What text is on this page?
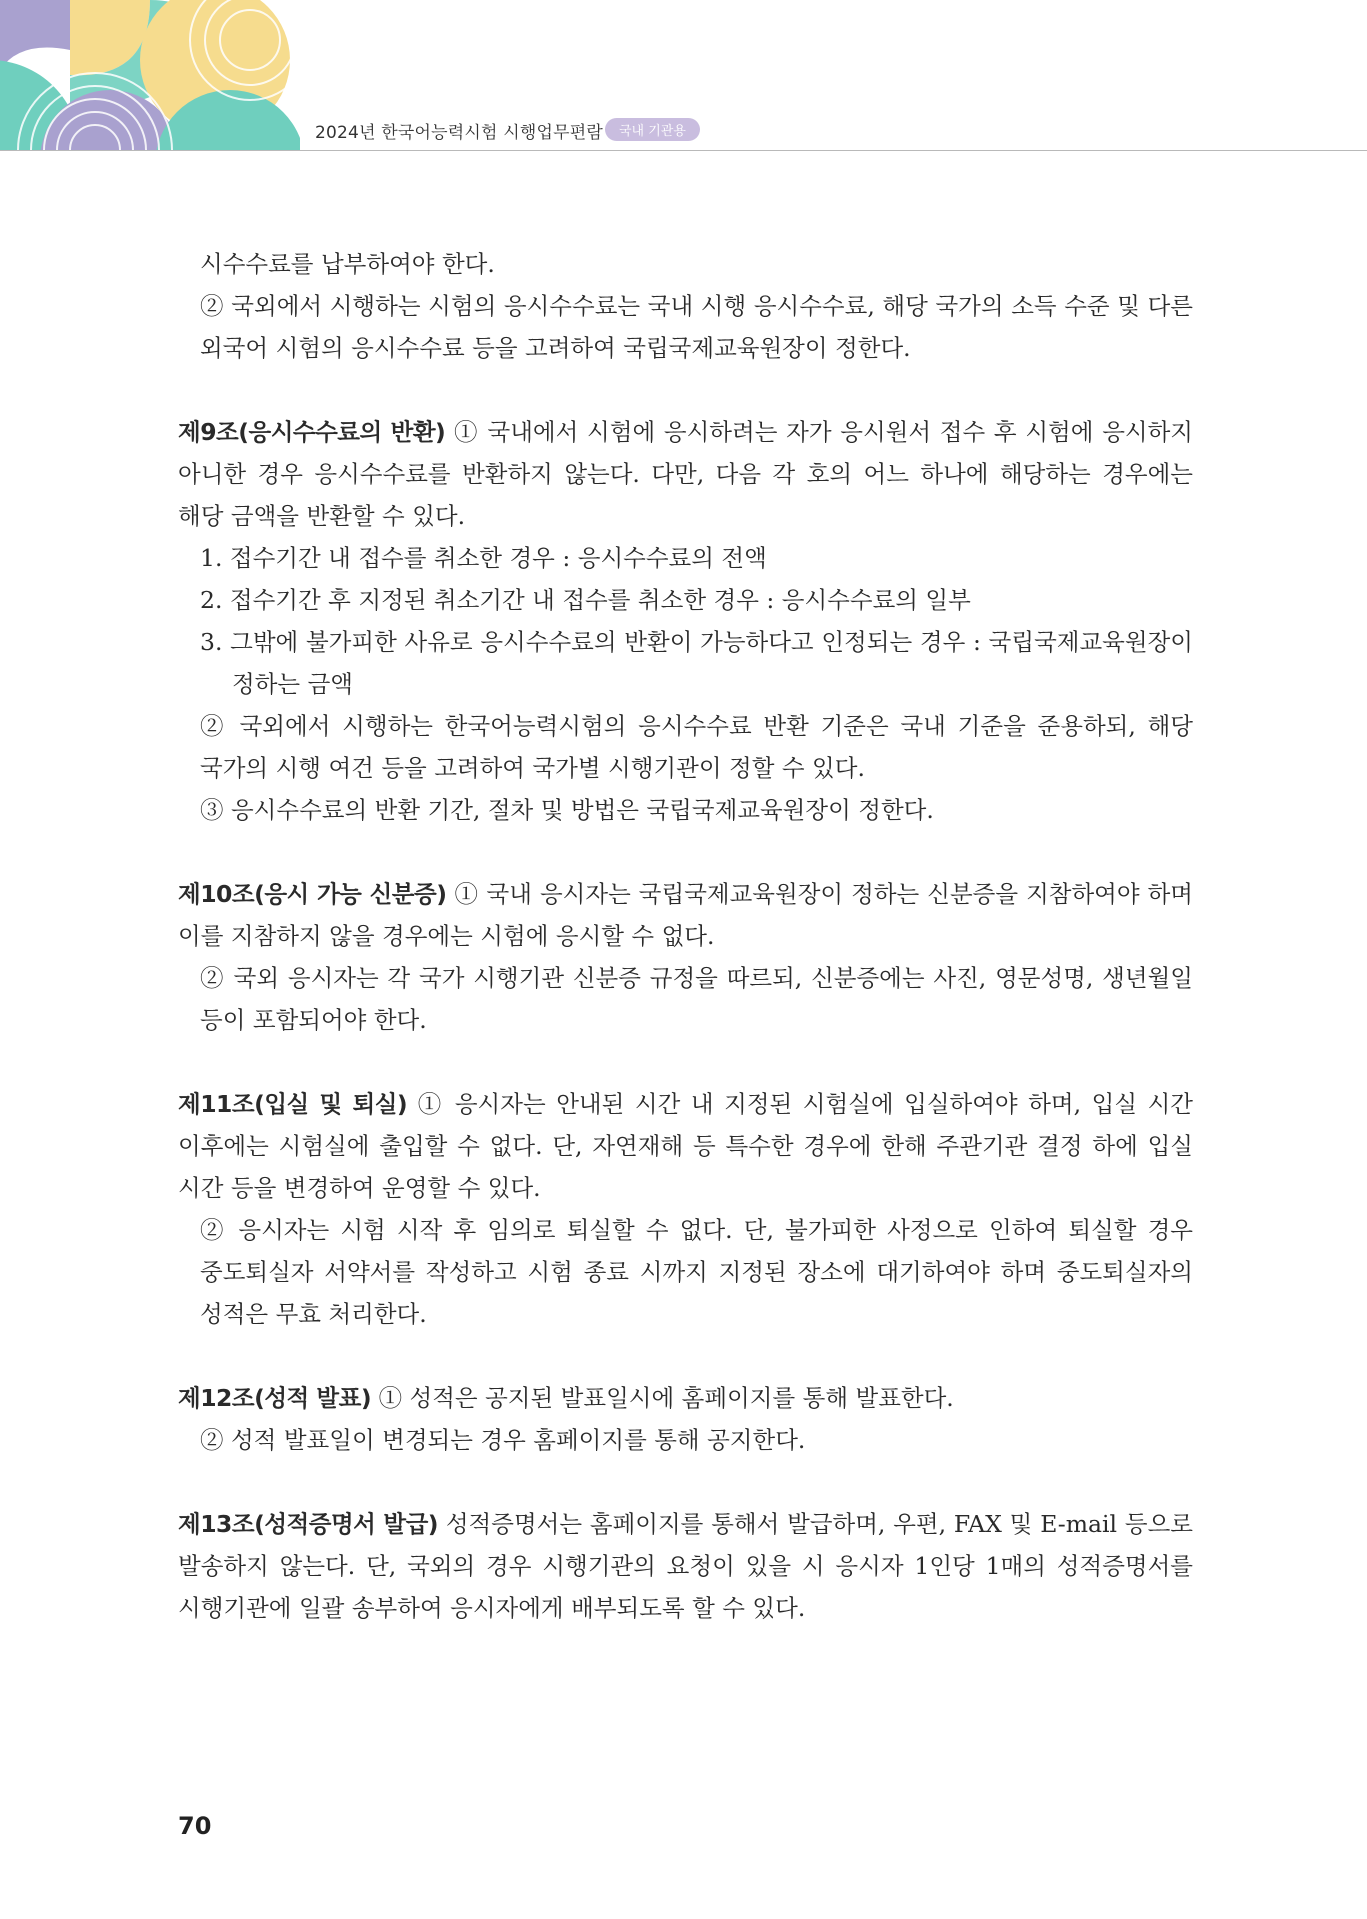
2024년 한국어능력시험 시행업무편람	국내 기관용

시수수료를 납부하여야 한다.

② 국외에서 시행하는 시험의 응시수수료는 국내 시행 응시수수료, 해당 국가의 소득 수준 및 다른 외국어 시험의 응시수수료 등을 고려하여 국립국제교육원장이 정한다.

제9조(응시수수료의 반환) ① 국내에서 시험에 응시하려는 자가 응시원서 접수 후 시험에 응시하지 아니한 경우 응시수수료를 반환하지 않는다. 다만, 다음 각 호의 어느 하나에 해당하는 경우에는 해당 금액을 반환할 수 있다.

1. 접수기간 내 접수를 취소한 경우 : 응시수수료의 전액

2. 접수기간 후 지정된 취소기간 내 접수를 취소한 경우 : 응시수수료의 일부

3. 그밖에 불가피한 사유로 응시수수료의 반환이 가능하다고 인정되는 경우 : 국립국제교육원장이 정하는 금액

② 국외에서 시행하는 한국어능력시험의 응시수수료 반환 기준은 국내 기준을 준용하되, 해당 국가의 시행 여건 등을 고려하여 국가별 시행기관이 정할 수 있다.

③ 응시수수료의 반환 기간, 절차 및 방법은 국립국제교육원장이 정한다.

제10조(응시 가능 신분증) ① 국내 응시자는 국립국제교육원장이 정하는 신분증을 지참하여야 하며 이를 지참하지 않을 경우에는 시험에 응시할 수 없다.

② 국외 응시자는 각 국가 시행기관 신분증 규정을 따르되, 신분증에는 사진, 영문성명, 생년월일 등이 포함되어야 한다.

제11조(입실 및 퇴실) ① 응시자는 안내된 시간 내 지정된 시험실에 입실하여야 하며, 입실 시간 이후에는 시험실에 출입할 수 없다. 단, 자연재해 등 특수한 경우에 한해 주관기관 결정 하에 입실 시간 등을 변경하여 운영할 수 있다.

② 응시자는 시험 시작 후 임의로 퇴실할 수 없다. 단, 불가피한 사정으로 인하여 퇴실할 경우 중도퇴실자 서약서를 작성하고 시험 종료 시까지 지정된 장소에 대기하여야 하며 중도퇴실자의 성적은 무효 처리한다.

제12조(성적 발표) ① 성적은 공지된 발표일시에 홈페이지를 통해 발표한다.

② 성적 발표일이 변경되는 경우 홈페이지를 통해 공지한다.

제13조(성적증명서 발급) 성적증명서는 홈페이지를 통해서 발급하며, 우편, FAX 및 E-mail 등으로 발송하지 않는다. 단, 국외의 경우 시행기관의 요청이 있을 시 응시자 1인당 1매의 성적증명서를 시행기관에 일괄 송부하여 응시자에게 배부되도록 할 수 있다.

70
